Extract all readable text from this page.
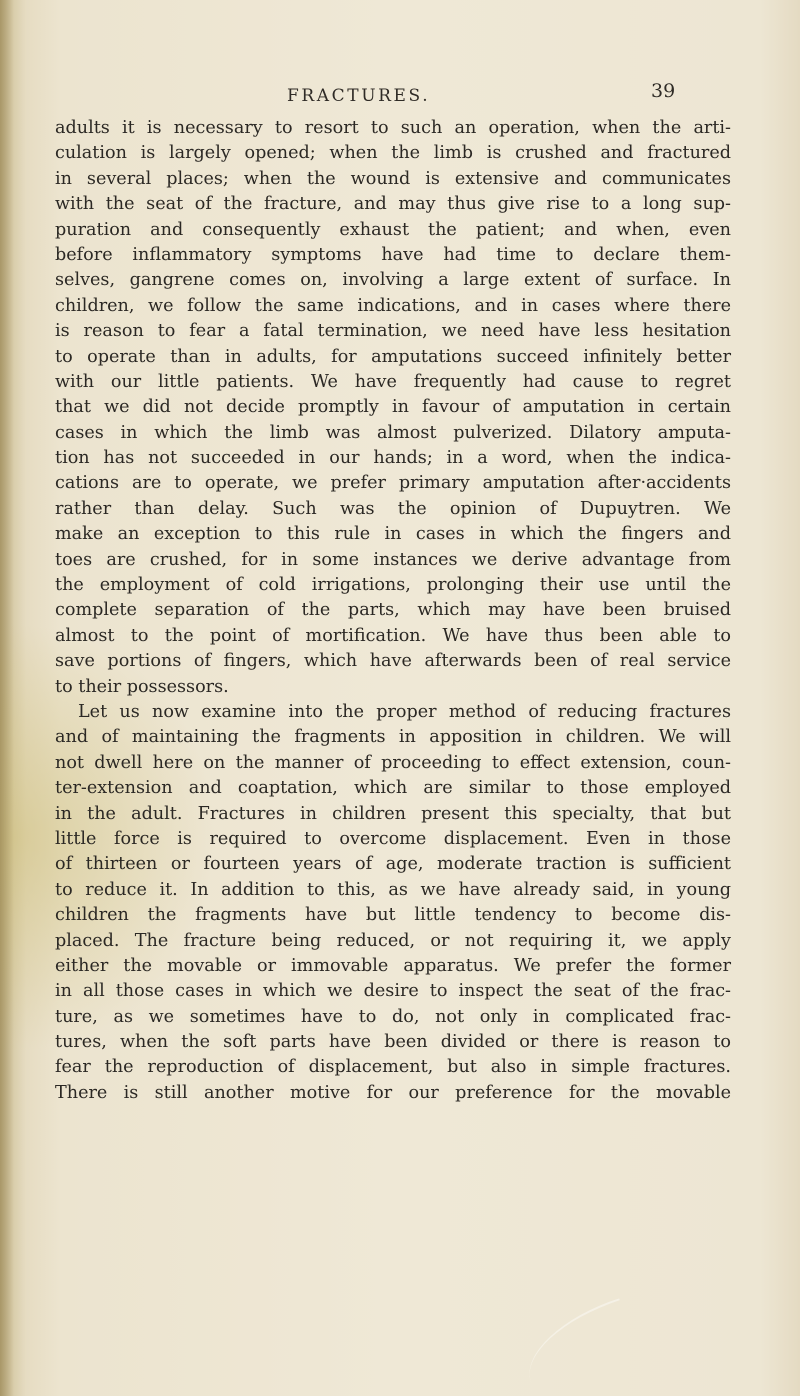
FRACTURES.	39
adults it is necessary to resort to such an operation, when the arti-
culation is largely opened; when the limb is crushed and fractured
in several places; when the wound is extensive and communicates
with the seat of the fracture, and may thus give rise to a long sup-
puration and consequently exhaust the patient; and when, even
before inflammatory symptoms have had time to declare them-
selves, gangrene comes on, involving a large extent of surface. In
children, we follow the same indications, and in cases where there
is reason to fear a fatal termination, we need have less hesitation
to operate than in adults, for amputations succeed infinitely better
with our little patients. We have frequently had cause to regret
that we did not decide promptly in favour of amputation in certain
cases in which the limb was almost pulverized. Dilatory amputa-
tion has not succeeded in our hands; in a word, when the indica-
cations are to operate, we prefer primary amputation after·accidents
rather than delay. Such was the opinion of Dupuytren. We
make an exception to this rule in cases in which the fingers and
toes are crushed, for in some instances we derive advantage from
the employment of cold irrigations, prolonging their use until the
complete separation of the parts, which may have been bruised
almost to the point of mortification. We have thus been able to
save portions of fingers, which have afterwards been of real service
to their possessors.
Let us now examine into the proper method of reducing fractures
and of maintaining the fragments in apposition in children. We will
not dwell here on the manner of proceeding to effect extension, coun-
ter-extension and coaptation, which are similar to those employed
in the adult. Fractures in children present this specialty, that but
little force is required to overcome displacement. Even in those
of thirteen or fourteen years of age, moderate traction is sufficient
to reduce it. In addition to this, as we have already said, in young
children the fragments have but little tendency to become dis-
placed. The fracture being reduced, or not requiring it, we apply
either the movable or immovable apparatus. We prefer the former
in all those cases in which we desire to inspect the seat of the frac-
ture, as we sometimes have to do, not only in complicated frac-
tures, when the soft parts have been divided or there is reason to
fear the reproduction of displacement, but also in simple fractures.
There is still another motive for our preference for the movable
